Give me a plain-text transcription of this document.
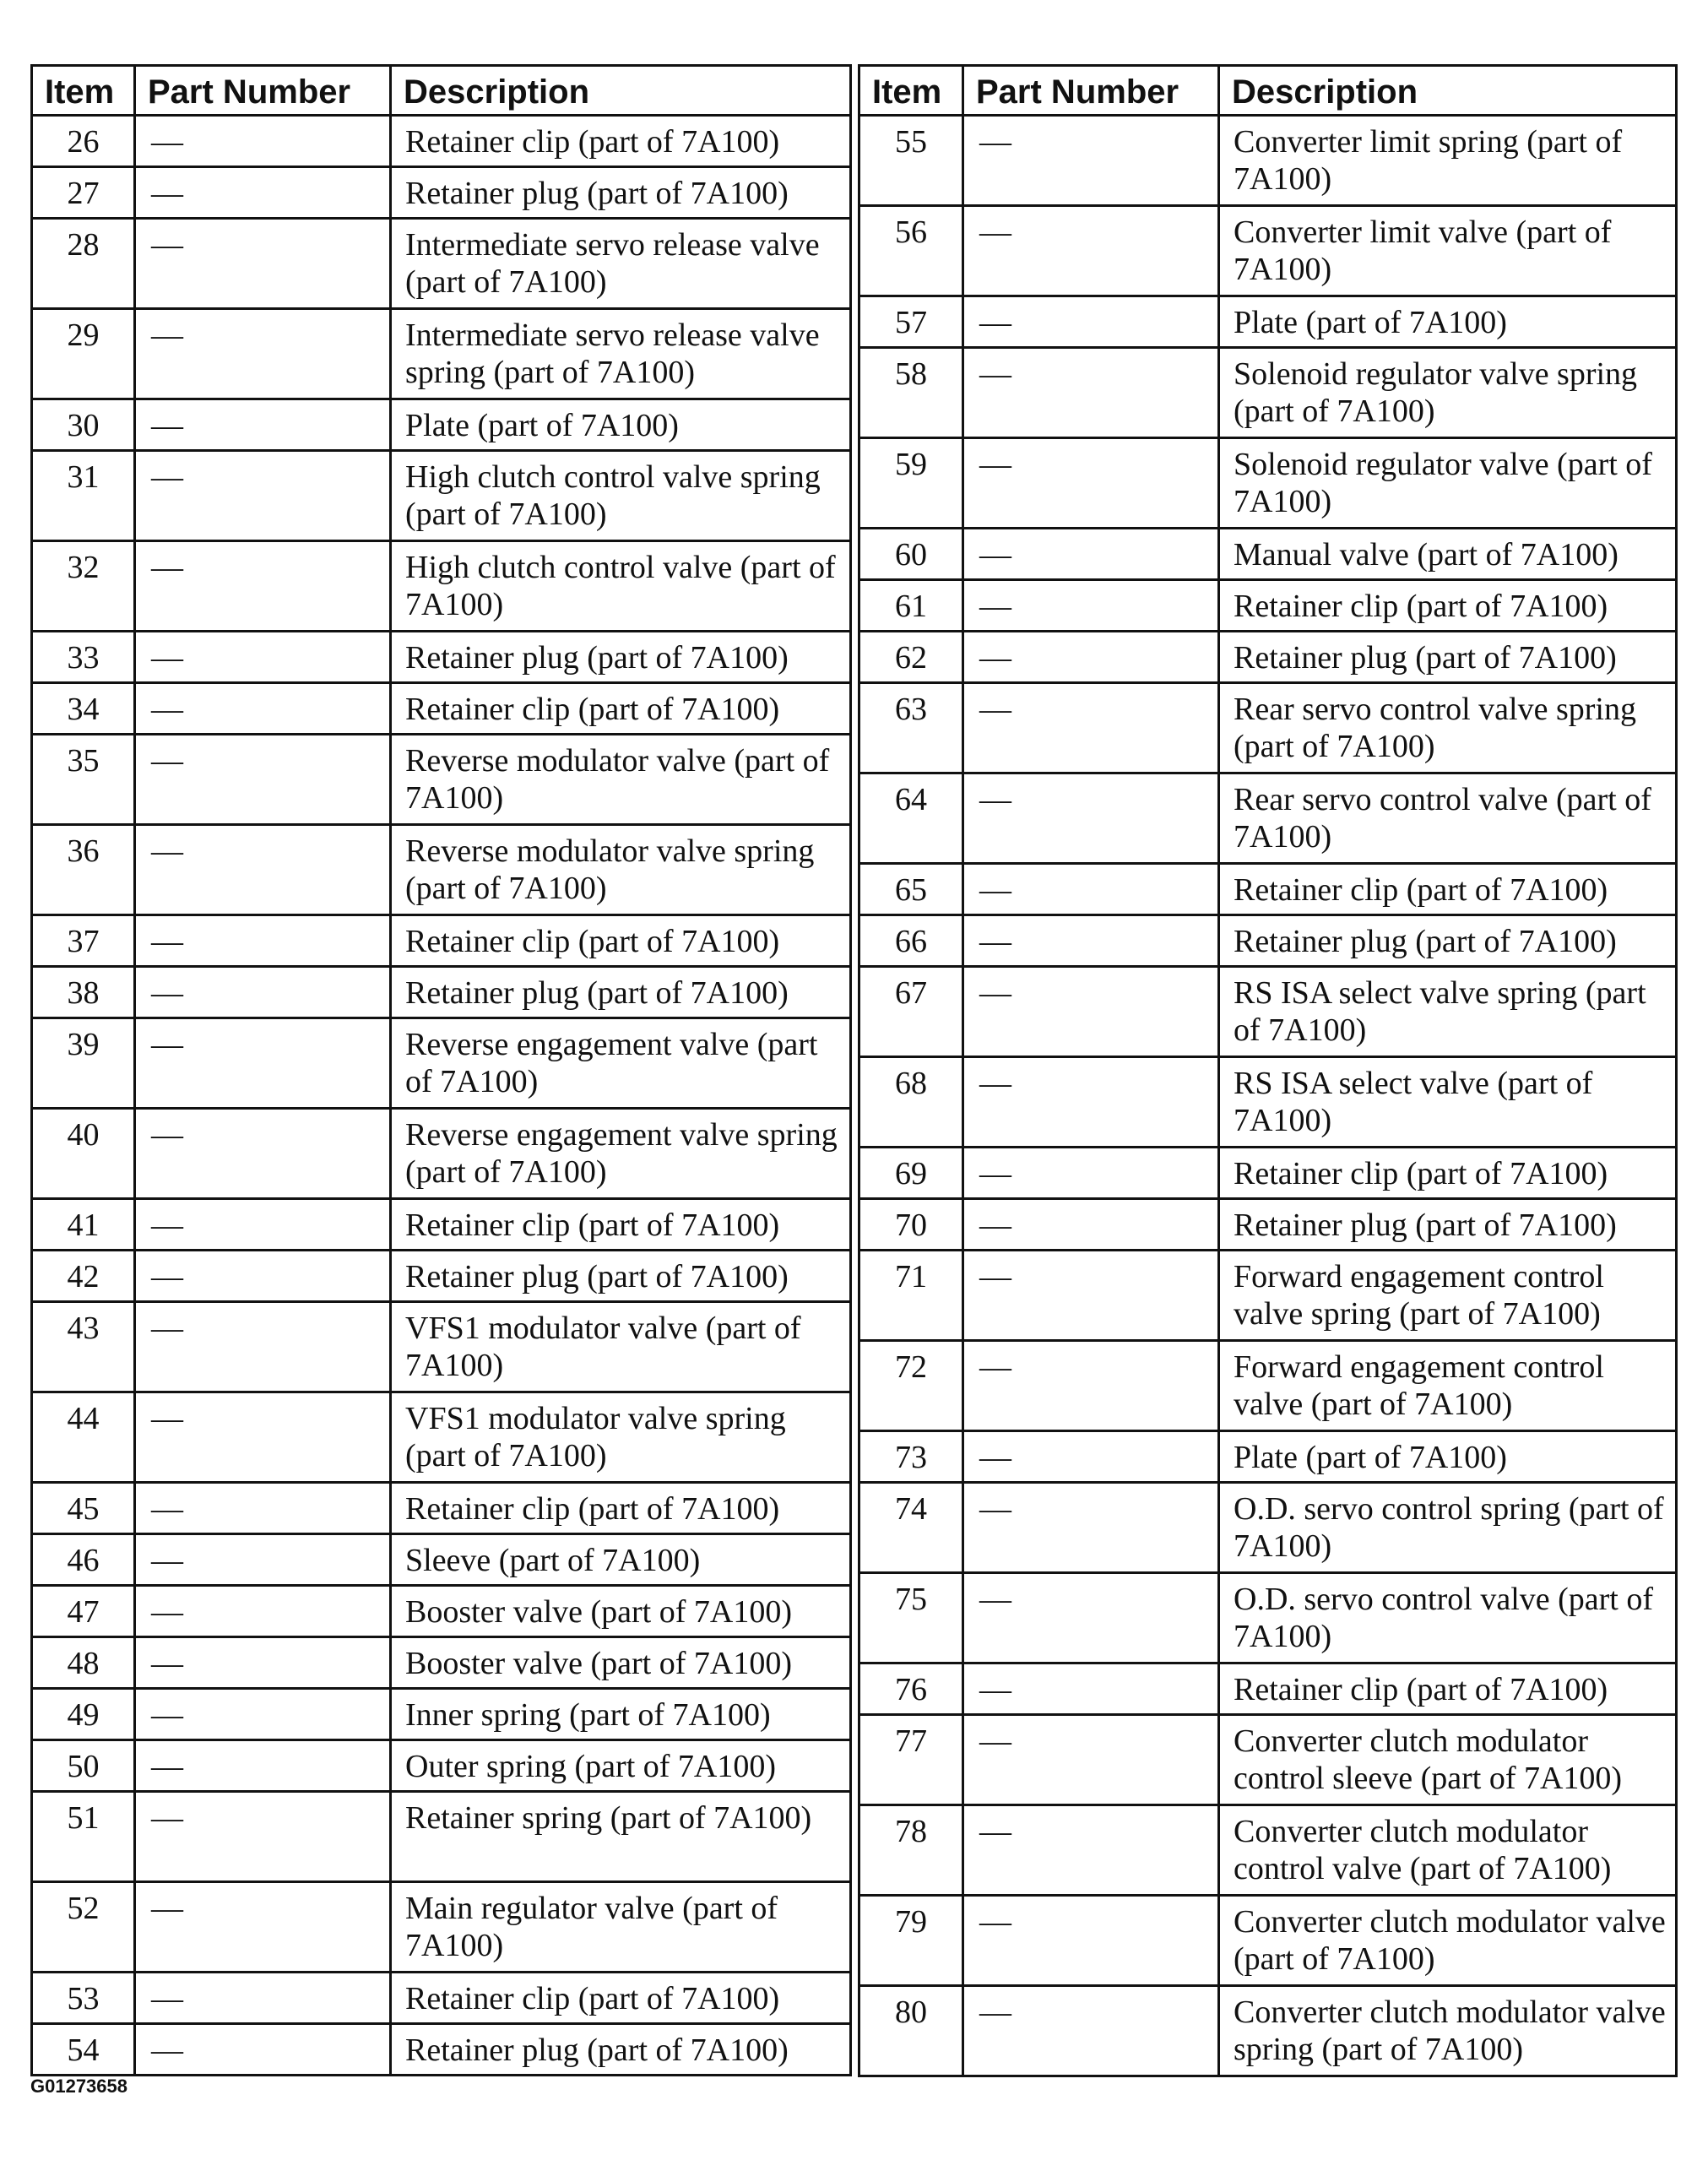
Item	Part Number	Description
26	—	Retainer clip (part of 7A100)
27	—	Retainer plug (part of 7A100)
28	—	Intermediate servo release valve (part of 7A100)
29	—	Intermediate servo release valve spring (part of 7A100)
30	—	Plate (part of 7A100)
31	—	High clutch control valve spring (part of 7A100)
32	—	High clutch control valve (part of 7A100)
33	—	Retainer plug (part of 7A100)
34	—	Retainer clip (part of 7A100)
35	—	Reverse modulator valve (part of 7A100)
36	—	Reverse modulator valve spring (part of 7A100)
37	—	Retainer clip (part of 7A100)
38	—	Retainer plug (part of 7A100)
39	—	Reverse engagement valve (part of 7A100)
40	—	Reverse engagement valve spring (part of 7A100)
41	—	Retainer clip (part of 7A100)
42	—	Retainer plug (part of 7A100)
43	—	VFS1 modulator valve (part of 7A100)
44	—	VFS1 modulator valve spring (part of 7A100)
45	—	Retainer clip (part of 7A100)
46	—	Sleeve (part of 7A100)
47	—	Booster valve (part of 7A100)
48	—	Booster valve (part of 7A100)
49	—	Inner spring (part of 7A100)
50	—	Outer spring (part of 7A100)
51	—	Retainer spring (part of 7A100)
52	—	Main regulator valve (part of 7A100)
53	—	Retainer clip (part of 7A100)
54	—	Retainer plug (part of 7A100)
Item	Part Number	Description
55	—	Converter limit spring (part of 7A100)
56	—	Converter limit valve (part of 7A100)
57	—	Plate (part of 7A100)
58	—	Solenoid regulator valve spring (part of 7A100)
59	—	Solenoid regulator valve (part of 7A100)
60	—	Manual valve (part of 7A100)
61	—	Retainer clip (part of 7A100)
62	—	Retainer plug (part of 7A100)
63	—	Rear servo control valve spring (part of 7A100)
64	—	Rear servo control valve (part of 7A100)
65	—	Retainer clip (part of 7A100)
66	—	Retainer plug (part of 7A100)
67	—	RS ISA select valve spring (part of 7A100)
68	—	RS ISA select valve (part of 7A100)
69	—	Retainer clip (part of 7A100)
70	—	Retainer plug (part of 7A100)
71	—	Forward engagement control valve spring (part of 7A100)
72	—	Forward engagement control valve (part of 7A100)
73	—	Plate (part of 7A100)
74	—	O.D. servo control spring (part of 7A100)
75	—	O.D. servo control valve (part of 7A100)
76	—	Retainer clip (part of 7A100)
77	—	Converter clutch modulator control sleeve (part of 7A100)
78	—	Converter clutch modulator control valve (part of 7A100)
79	—	Converter clutch modulator valve (part of 7A100)
80	—	Converter clutch modulator valve spring (part of 7A100)
G01273658
